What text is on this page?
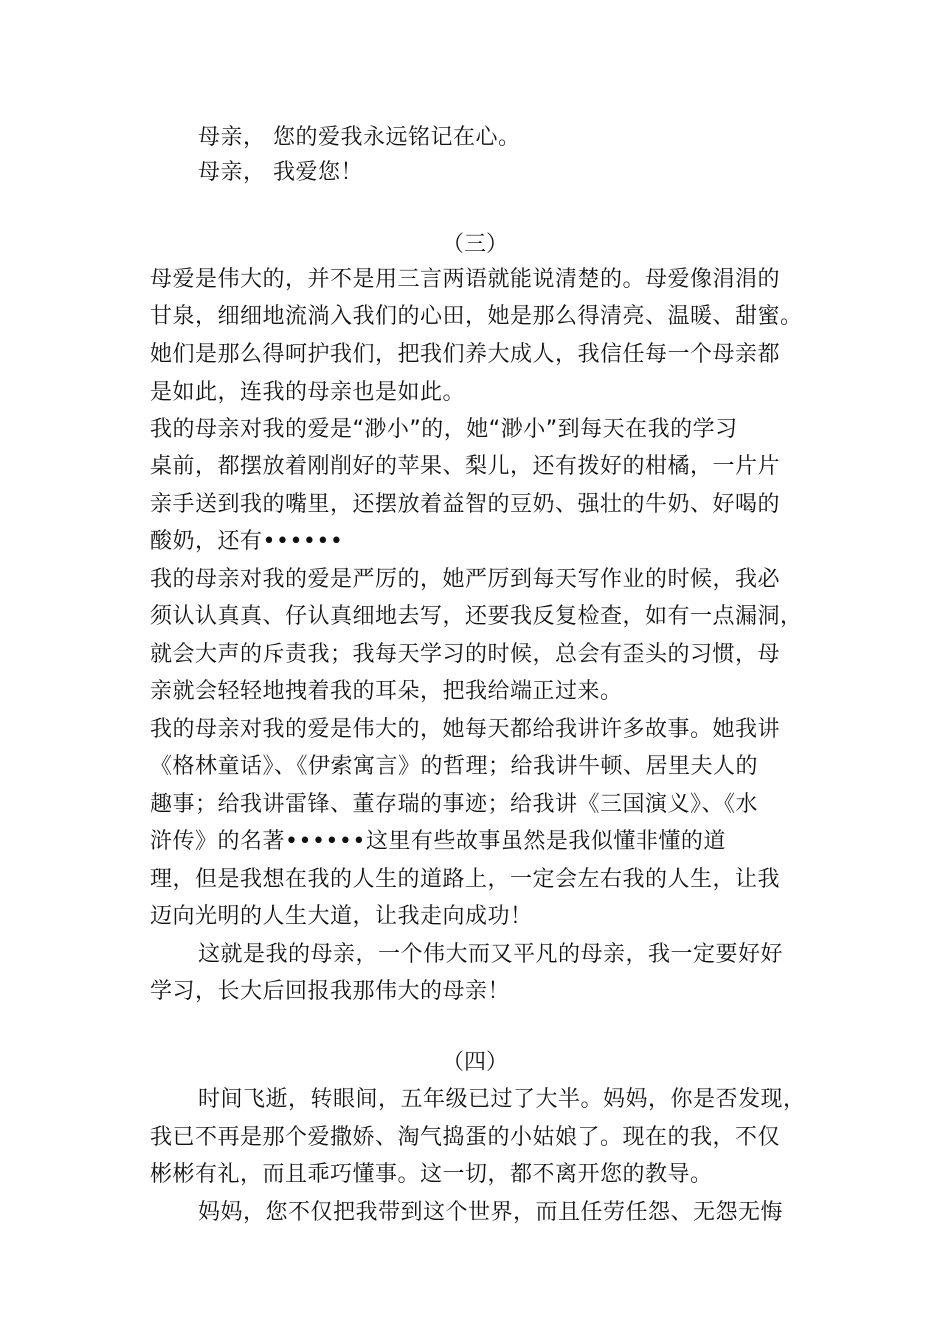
母亲， 您的爱我永远铭记在心。
母亲， 我爱您！
（三）
母爱是伟大的，并不是用三言两语就能说清楚的。母爱像涓涓的
甘泉，细细地流淌入我们的心田，她是那么得清亮、温暖、甜蜜。
她们是那么得呵护我们，把我们养大成人，我信任每一个母亲都
是如此，连我的母亲也是如此。
我的母亲对我的爱是“渺小”的，她“渺小”到每天在我的学习
桌前，都摆放着刚削好的苹果、梨儿，还有拨好的柑橘，一片片
亲手送到我的嘴里，还摆放着益智的豆奶、强壮的牛奶、好喝的
酸奶，还有••••••
我的母亲对我的爱是严厉的，她严厉到每天写作业的时候，我必
须认认真真、仔认真细地去写，还要我反复检查，如有一点漏洞，
就会大声的斥责我；我每天学习的时候，总会有歪头的习惯，母
亲就会轻轻地拽着我的耳朵，把我给端正过来。
我的母亲对我的爱是伟大的，她每天都给我讲许多故事。她我讲
《格林童话》、《伊索寓言》的哲理；给我讲牛顿、居里夫人的
趣事；给我讲雷锋、董存瑞的事迹；给我讲《三国演义》、《水
浒传》的名著••••••这里有些故事虽然是我似懂非懂的道
理，但是我想在我的人生的道路上，一定会左右我的人生，让我
迈向光明的人生大道，让我走向成功！
这就是我的母亲，一个伟大而又平凡的母亲，我一定要好好
学习，长大后回报我那伟大的母亲！
（四）
时间飞逝，转眼间，五年级已过了大半。妈妈，你是否发现，
我已不再是那个爱撒娇、淘气捣蛋的小姑娘了。现在的我，不仅
彬彬有礼，而且乖巧懂事。这一切，都不离开您的教导。
妈妈，您不仅把我带到这个世界，而且任劳任怨、无怨无悔
